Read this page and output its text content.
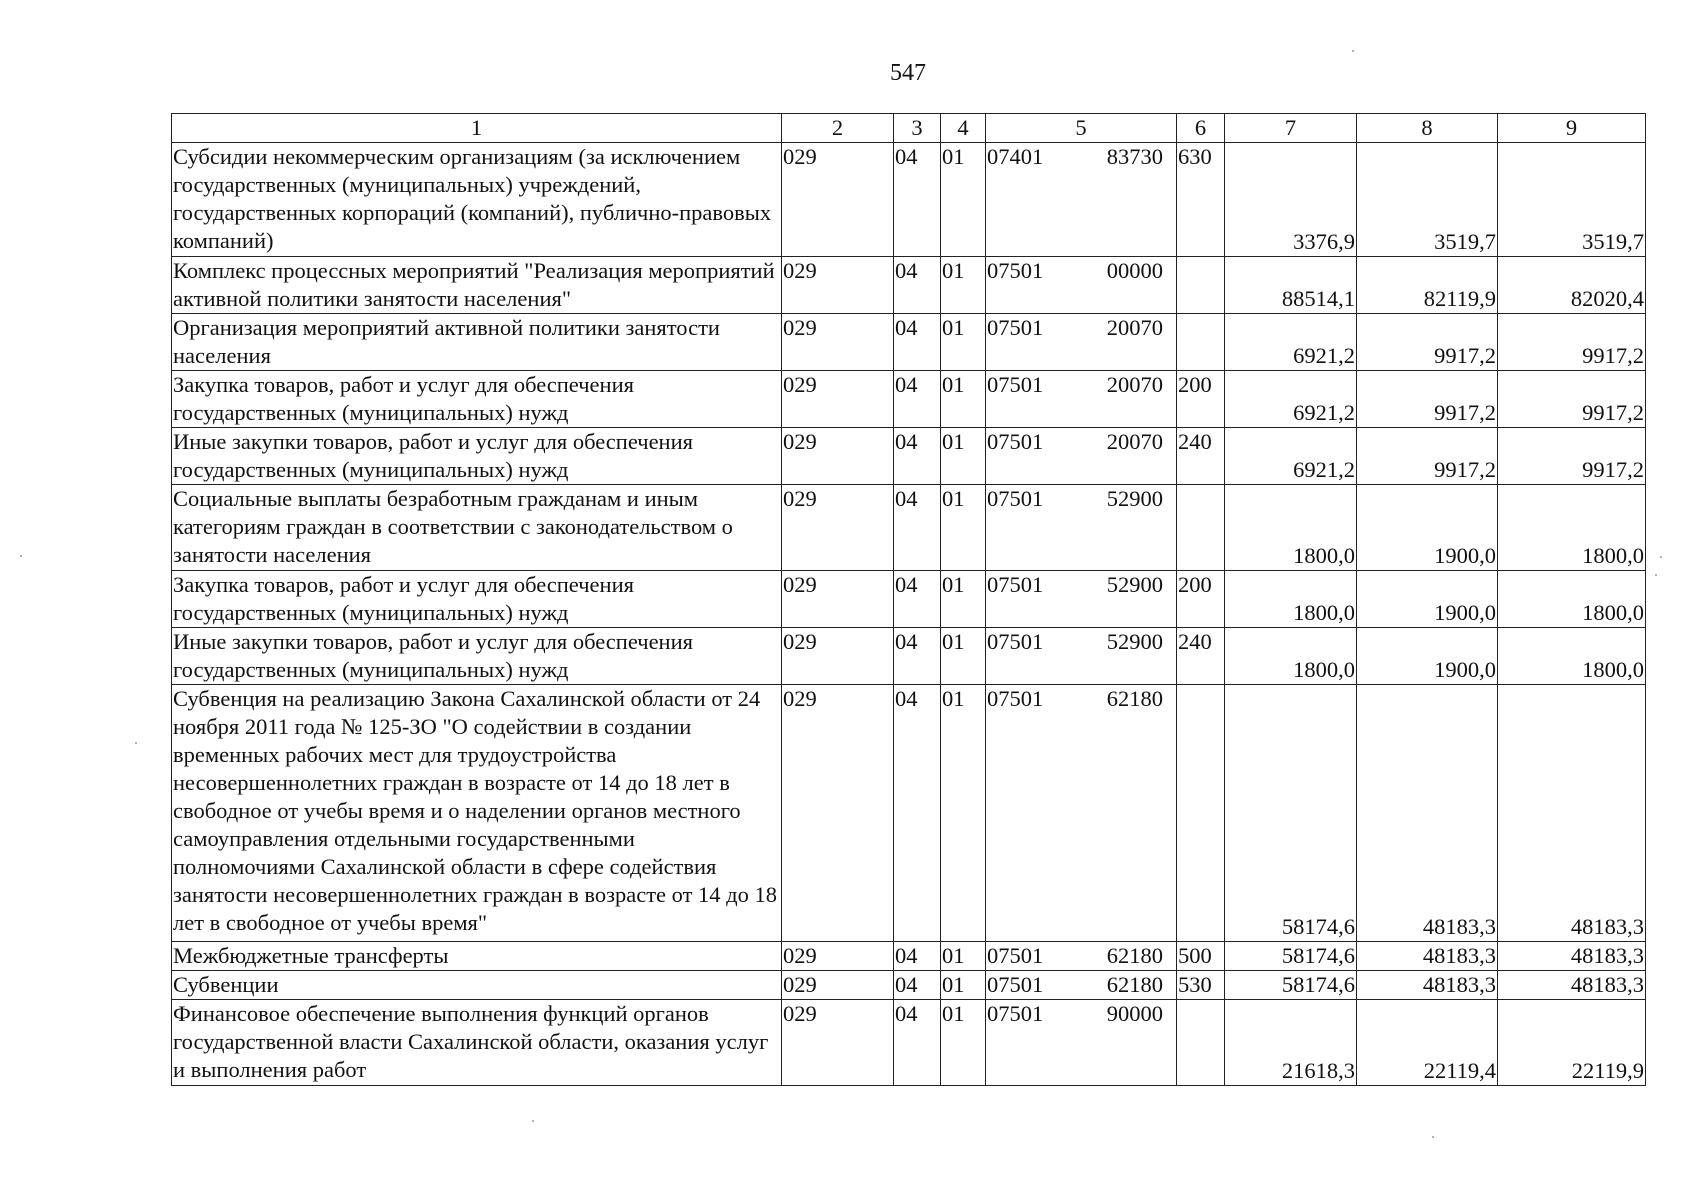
547
1	2	3	4	5	6	7	8	9
Субсидии некоммерческим организациям (за исключением государственных (муниципальных) учреждений, государственных корпораций (компаний), публично-правовых компаний)	029	04	01	07401 83730	630	3376,9	3519,7	3519,7
Комплекс процессных мероприятий "Реализация мероприятий активной политики занятости населения"	029	04	01	07501 00000		88514,1	82119,9	82020,4
Организация мероприятий активной политики занятости населения	029	04	01	07501 20070		6921,2	9917,2	9917,2
Закупка товаров, работ и услуг для обеспечения государственных (муниципальных) нужд	029	04	01	07501 20070	200	6921,2	9917,2	9917,2
Иные закупки товаров, работ и услуг для обеспечения государственных (муниципальных) нужд	029	04	01	07501 20070	240	6921,2	9917,2	9917,2
Социальные выплаты безработным гражданам и иным категориям граждан в соответствии с законодательством о занятости населения	029	04	01	07501 52900		1800,0	1900,0	1800,0
Закупка товаров, работ и услуг для обеспечения государственных (муниципальных) нужд	029	04	01	07501 52900	200	1800,0	1900,0	1800,0
Иные закупки товаров, работ и услуг для обеспечения государственных (муниципальных) нужд	029	04	01	07501 52900	240	1800,0	1900,0	1800,0
Субвенция на реализацию Закона Сахалинской области от 24 ноября 2011 года № 125-ЗО "О содействии в создании временных рабочих мест для трудоустройства несовершеннолетних граждан в возрасте от 14 до 18 лет в свободное от учебы время и о наделении органов местного самоуправления отдельными государственными полномочиями Сахалинской области в сфере содействия занятости несовершеннолетних граждан в возрасте от 14 до 18 лет в свободное от учебы время"	029	04	01	07501 62180		58174,6	48183,3	48183,3
Межбюджетные трансферты	029	04	01	07501 62180	500	58174,6	48183,3	48183,3
Субвенции	029	04	01	07501 62180	530	58174,6	48183,3	48183,3
Финансовое обеспечение выполнения функций органов государственной власти Сахалинской области, оказания услуг и выполнения работ	029	04	01	07501 90000		21618,3	22119,4	22119,9
